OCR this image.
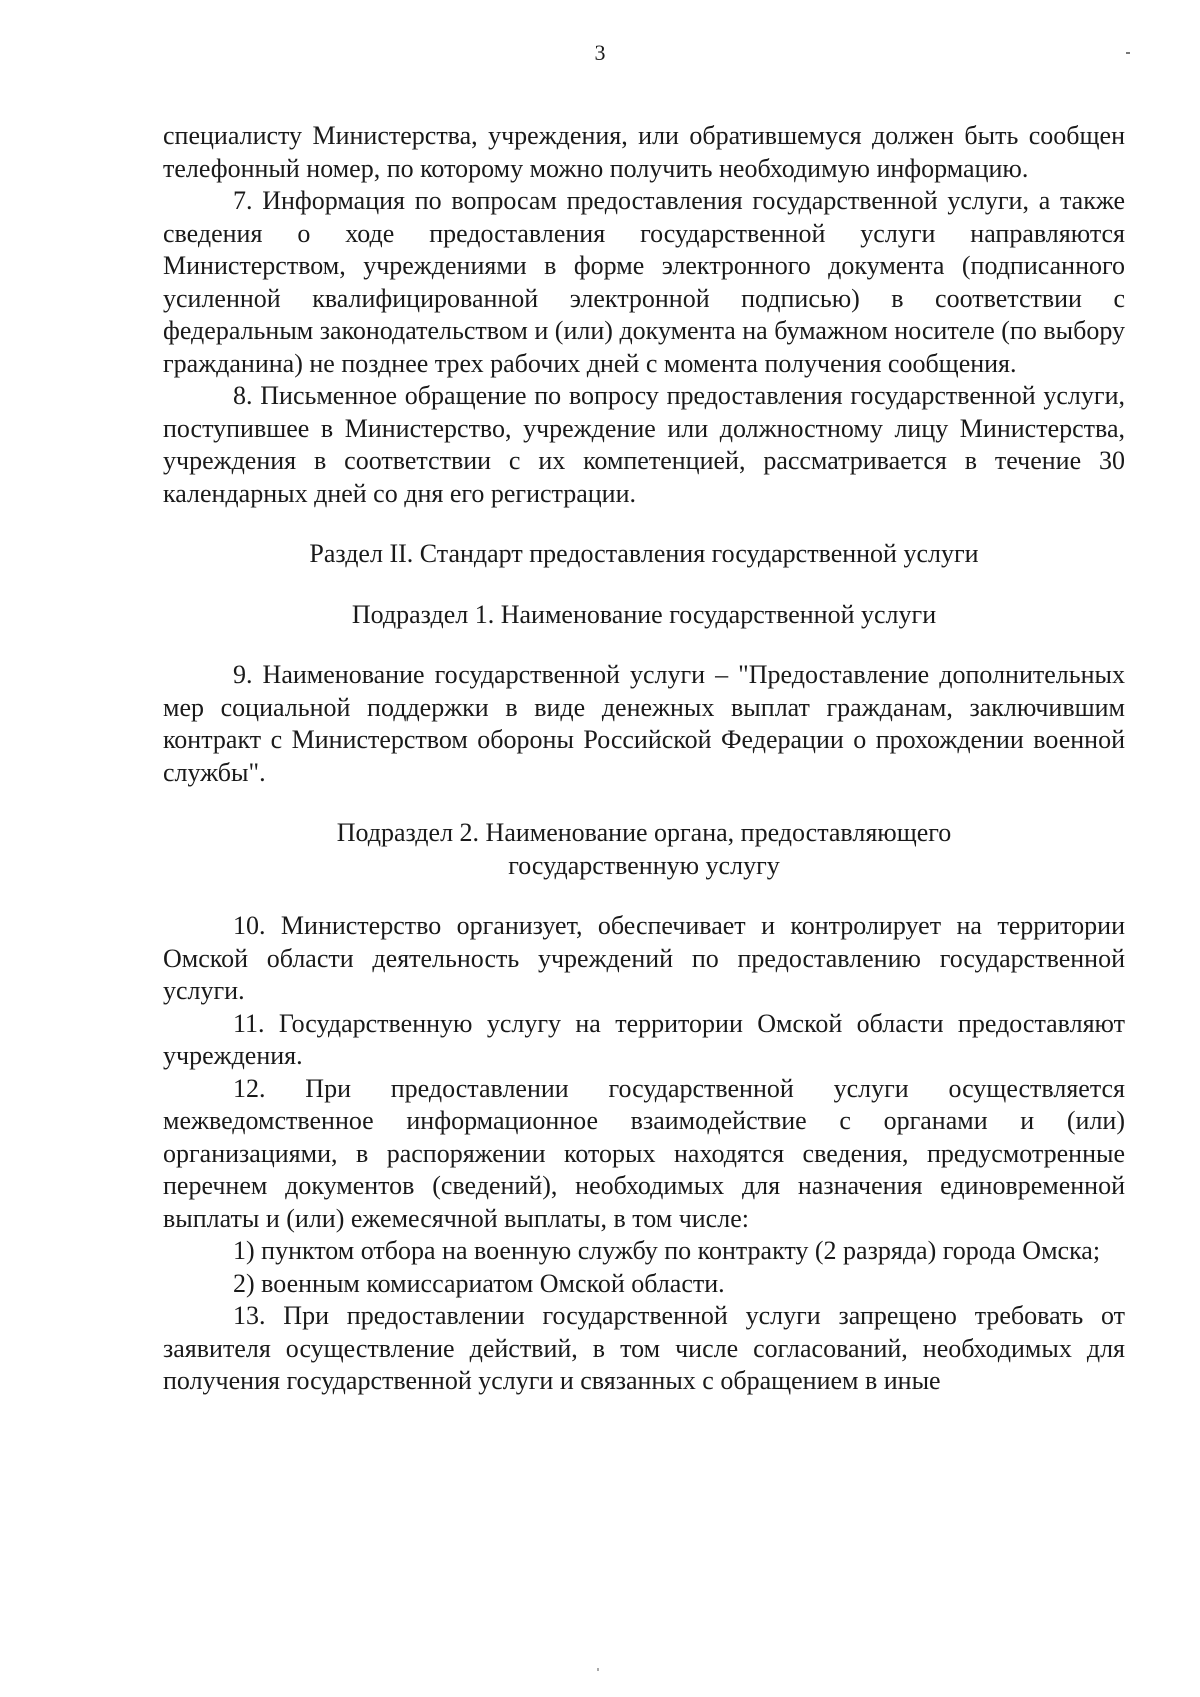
3

специалисту Министерства, учреждения, или обратившемуся должен быть сообщен телефонный номер, по которому можно получить необходимую информацию.

7. Информация по вопросам предоставления государственной услуги, а также сведения о ходе предоставления государственной услуги направляются Министерством, учреждениями в форме электронного документа (подписанного усиленной квалифицированной электронной подписью) в соответствии с федеральным законодательством и (или) документа на бумажном носителе (по выбору гражданина) не позднее трех рабочих дней с момента получения сообщения.

8. Письменное обращение по вопросу предоставления государственной услуги, поступившее в Министерство, учреждение или должностному лицу Министерства, учреждения в соответствии с их компетенцией, рассматривается в течение 30 календарных дней со дня его регистрации.

Раздел II. Стандарт предоставления государственной услуги

Подраздел 1. Наименование государственной услуги

9. Наименование государственной услуги – "Предоставление дополнительных мер социальной поддержки в виде денежных выплат гражданам, заключившим контракт с Министерством обороны Российской Федерации о прохождении военной службы".

Подраздел 2. Наименование органа, предоставляющего

государственную услугу

10. Министерство организует, обеспечивает и контролирует на территории Омской области деятельность учреждений по предоставлению государственной услуги.

11. Государственную услугу на территории Омской области предоставляют учреждения.

12. При предоставлении государственной услуги осуществляется межведомственное информационное взаимодействие с органами и (или) организациями, в распоряжении которых находятся сведения, предусмотренные перечнем документов (сведений), необходимых для назначения единовременной выплаты и (или) ежемесячной выплаты, в том числе:

1) пунктом отбора на военную службу по контракту (2 разряда) города Омска;

2) военным комиссариатом Омской области.

13. При предоставлении государственной услуги запрещено требовать от заявителя осуществление действий, в том числе согласований, необходимых для получения государственной услуги и связанных с обращением в иные
